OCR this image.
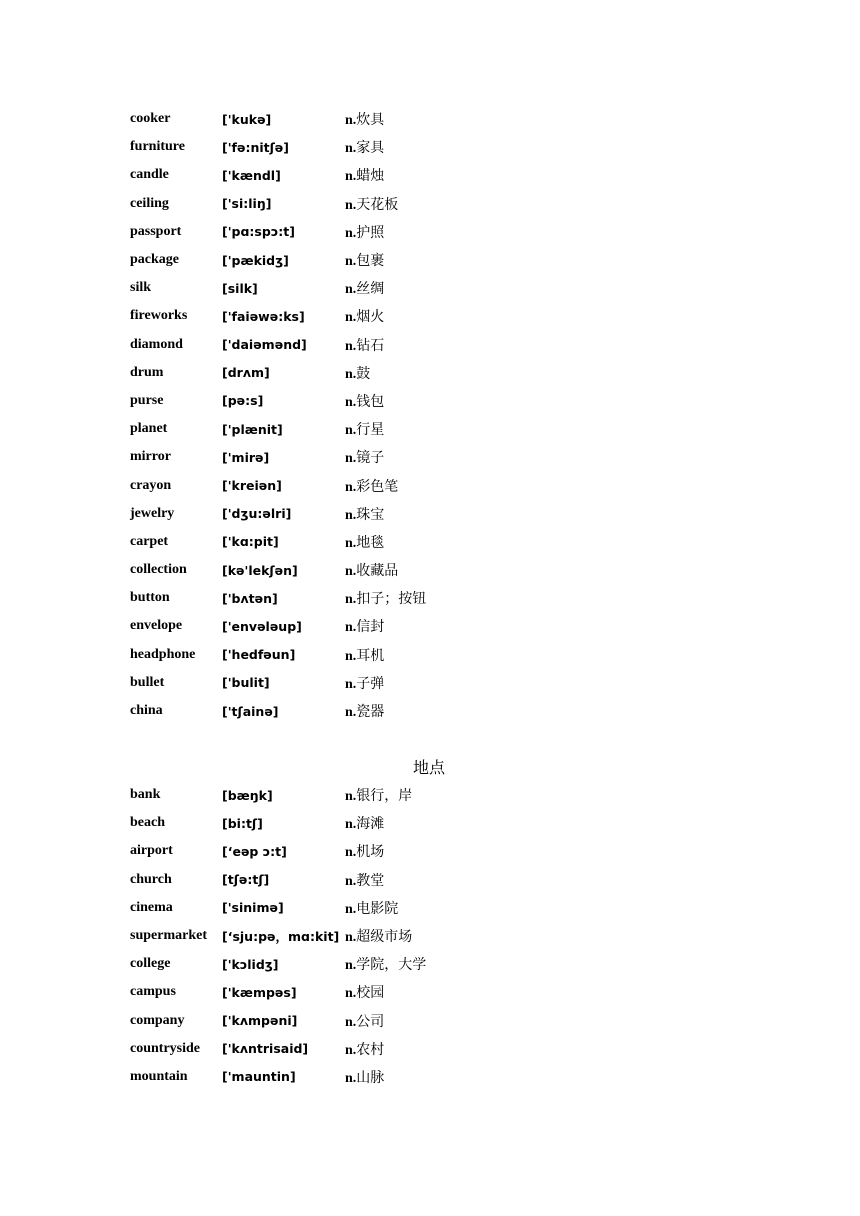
cooker	['kukə]	n.炊具
furniture	['fə:nitʃə]	n.家具
candle	['kændl]	n.蜡烛
ceiling	['si:liŋ]	n.天花板
passport	['pɑ:spɔ:t]	n.护照
package	['pækidʒ]	n.包裹
silk	[silk]	n.丝绸
fireworks	['faiəwə:ks]	n.烟火
diamond	['daiəmənd]	n.钻石
drum	[drʌm]	n.鼓
purse	[pə:s]	n.钱包
planet	['plænit]	n.行星
mirror	['mirə]	n.镜子
crayon	['kreiən]	n.彩色笔
jewelry	['dʒu:əlri]	n.珠宝
carpet	['kɑ:pit]	n.地毯
collection	[kə'lekʃən]	n.收藏品
button	['bʌtən]	n.扣子；按钮
envelope	['envələup]	n.信封
headphone	['hedfəun]	n.耳机
bullet	['bulit]	n.子弹
china	['tʃainə]	n.瓷器
地点
bank	[bæŋk]	n.银行，岸
beach	[bi:tʃ]	n.海滩
airport	[‘eəp ɔ:t]	n.机场
church	[tʃə:tʃ]	n.教堂
cinema	['sinimə]	n.电影院
supermarket	[‘sju:pə，mɑ:kit] n.超级市场
college	['kɔlidʒ]	n.学院，大学
campus	['kæmpəs]	n.校园
company	['kʌmpəni]	n.公司
countryside	['kʌntrisaid]	n.农村
mountain	['mauntin]	n.山脉
